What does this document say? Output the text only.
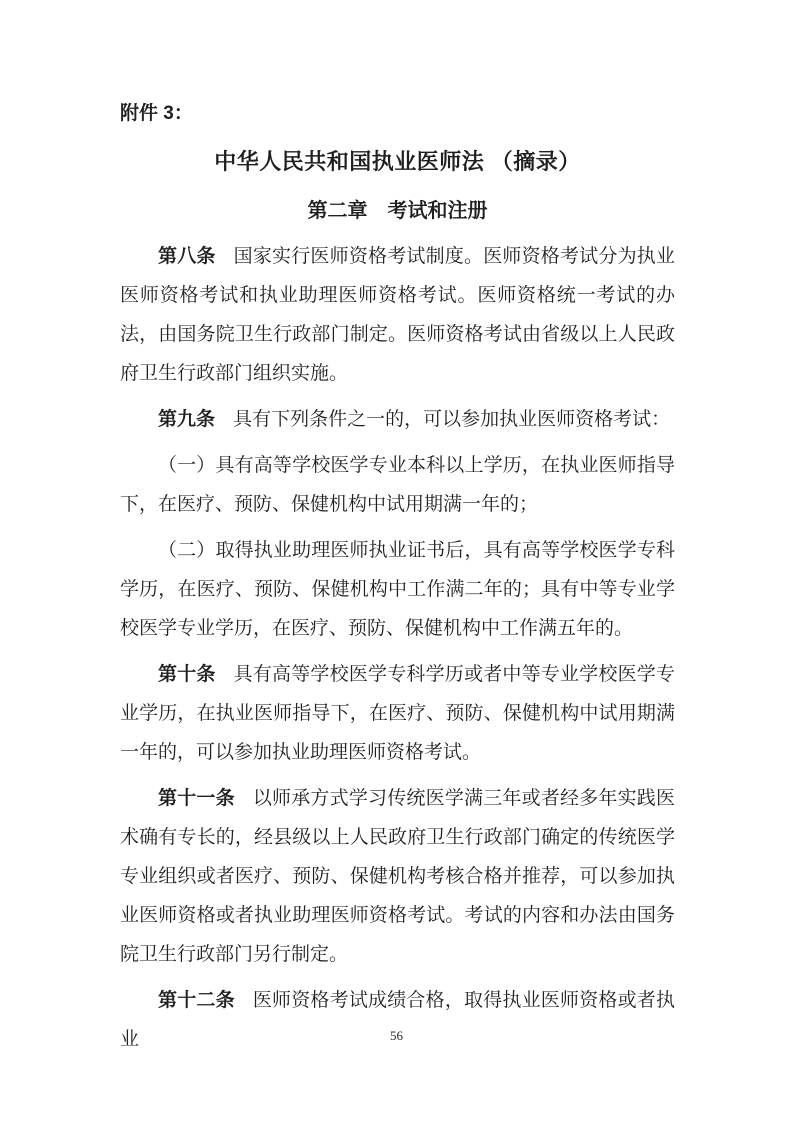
附件 3：

中华人民共和国执业医师法 （摘录）
第二章　考试和注册

第八条 国家实行医师资格考试制度。医师资格考试分为执业医师资格考试和执业助理医师资格考试。医师资格统一考试的办法，由国务院卫生行政部门制定。医师资格考试由省级以上人民政府卫生行政部门组织实施。

第九条 具有下列条件之一的，可以参加执业医师资格考试：

（一）具有高等学校医学专业本科以上学历，在执业医师指导下，在医疗、预防、保健机构中试用期满一年的；

（二）取得执业助理医师执业证书后，具有高等学校医学专科学历，在医疗、预防、保健机构中工作满二年的；具有中等专业学校医学专业学历，在医疗、预防、保健机构中工作满五年的。

第十条 具有高等学校医学专科学历或者中等专业学校医学专业学历，在执业医师指导下，在医疗、预防、保健机构中试用期满一年的，可以参加执业助理医师资格考试。

第十一条 以师承方式学习传统医学满三年或者经多年实践医术确有专长的，经县级以上人民政府卫生行政部门确定的传统医学专业组织或者医疗、预防、保健机构考核合格并推荐，可以参加执业医师资格或者执业助理医师资格考试。考试的内容和办法由国务院卫生行政部门另行制定。

第十二条 医师资格考试成绩合格，取得执业医师资格或者执业	56
